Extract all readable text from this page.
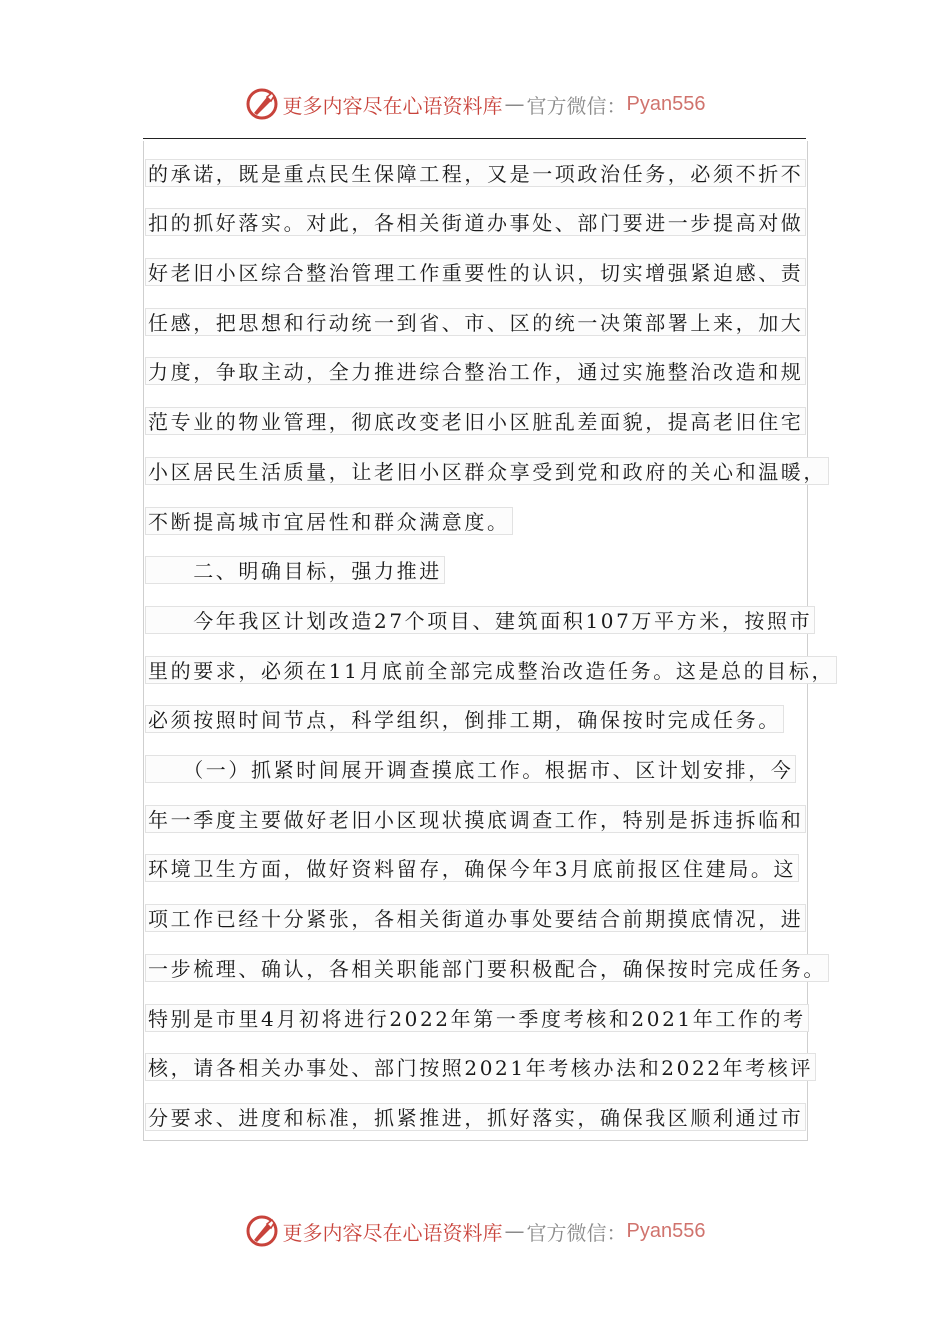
更多内容尽在心语资料库 — 官方微信： Pyan556
的承诺，既是重点民生保障工程，又是一项政治任务，必须不折不
扣的抓好落实。对此，各相关街道办事处、部门要进一步提高对做
好老旧小区综合整治管理工作重要性的认识，切实增强紧迫感、责
任感，把思想和行动统一到省、市、区的统一决策部署上来，加大
力度，争取主动，全力推进综合整治工作，通过实施整治改造和规
范专业的物业管理，彻底改变老旧小区脏乱差面貌，提高老旧住宅
小区居民生活质量，让老旧小区群众享受到党和政府的关心和温暖，
不断提高城市宜居性和群众满意度。
　　二、明确目标，强力推进
　　今年我区计划改造27个项目、建筑面积107万平方米，按照市
里的要求，必须在11月底前全部完成整治改造任务。这是总的目标，
必须按照时间节点，科学组织，倒排工期，确保按时完成任务。
　　（一）抓紧时间展开调查摸底工作。根据市、区计划安排，今
年一季度主要做好老旧小区现状摸底调查工作，特别是拆违拆临和
环境卫生方面，做好资料留存，确保今年3月底前报区住建局。这
项工作已经十分紧张，各相关街道办事处要结合前期摸底情况，进
一步梳理、确认，各相关职能部门要积极配合，确保按时完成任务。
特别是市里4月初将进行2022年第一季度考核和2021年工作的考
核，请各相关办事处、部门按照2021年考核办法和2022年考核评
分要求、进度和标准，抓紧推进，抓好落实，确保我区顺利通过市
更多内容尽在心语资料库 — 官方微信： Pyan556
